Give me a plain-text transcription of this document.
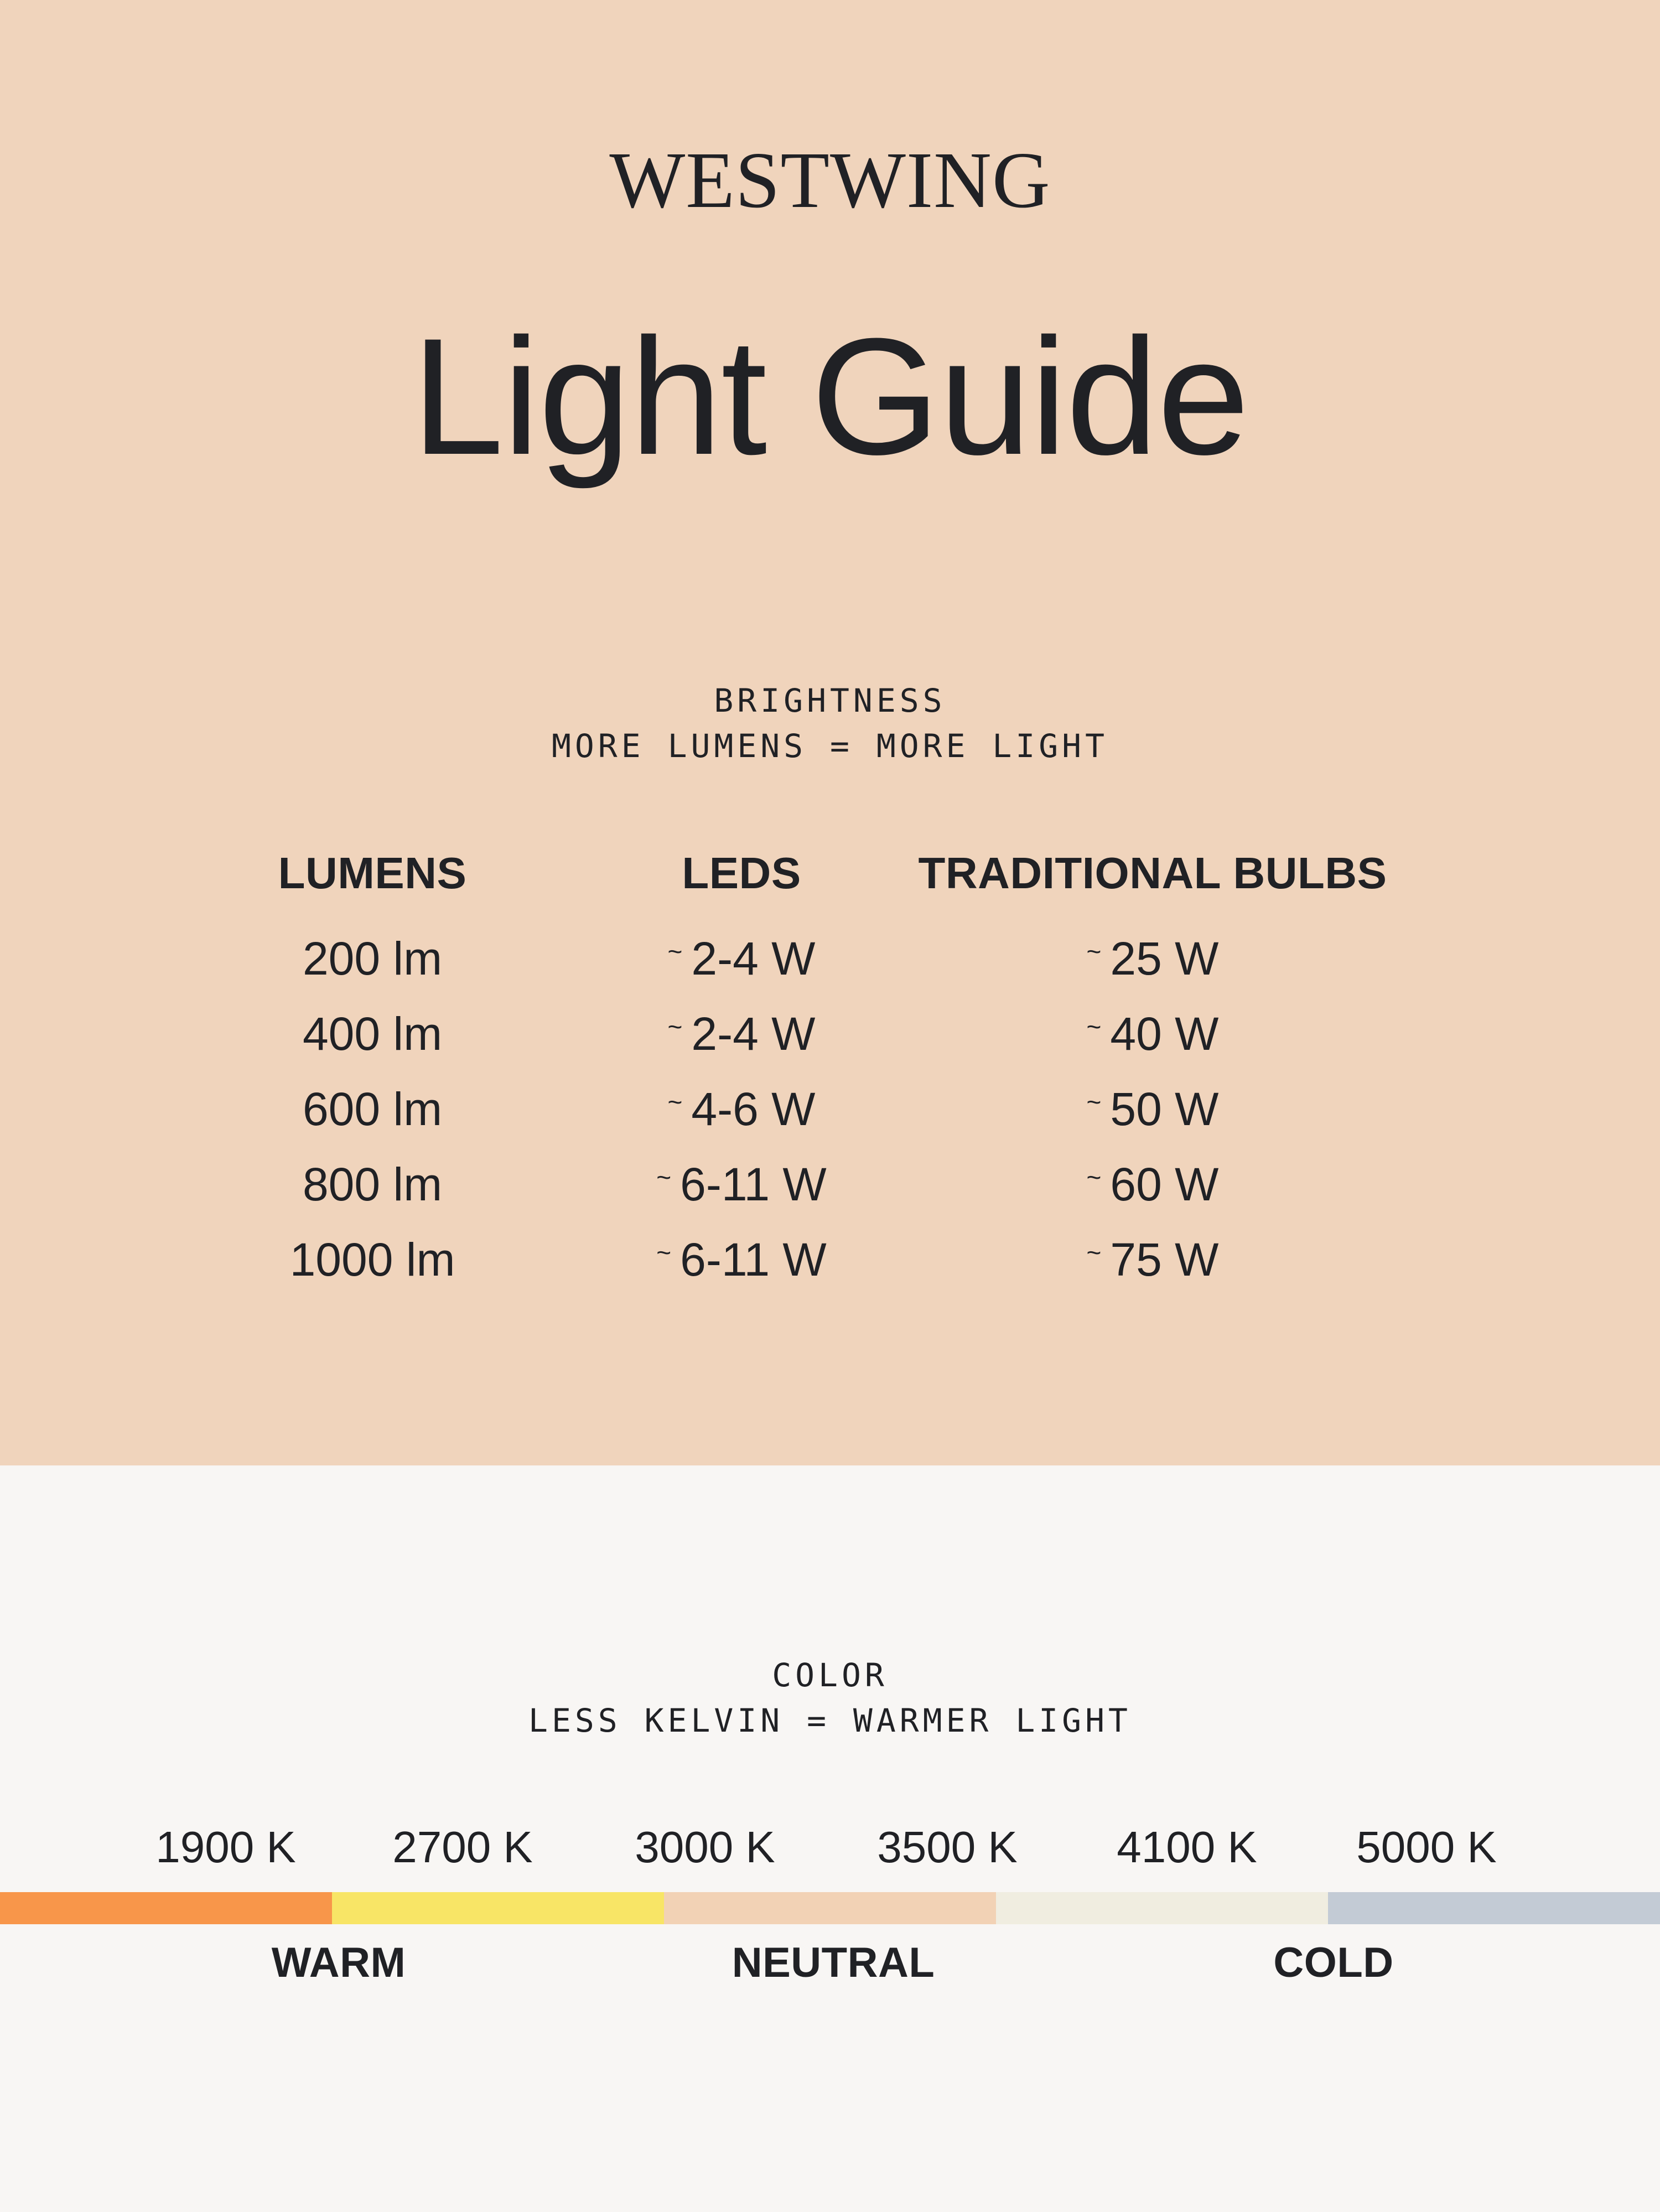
WESTWING
Light Guide
BRIGHTNESS
MORE LUMENS = MORE LIGHT
LUMENS	LEDS	TRADITIONAL BULBS
200 lm	~ 2-4 W	~ 25 W
400 lm	~ 2-4 W	~ 40 W
600 lm	~ 4-6 W	~ 50 W
800 lm	~ 6-11 W	~ 60 W
1000 lm	~ 6-11 W	~ 75 W
COLOR
LESS KELVIN = WARMER LIGHT
1900 K 2700 K 3000 K 3500 K 4100 K 5000 K
WARM	NEUTRAL	COLD
